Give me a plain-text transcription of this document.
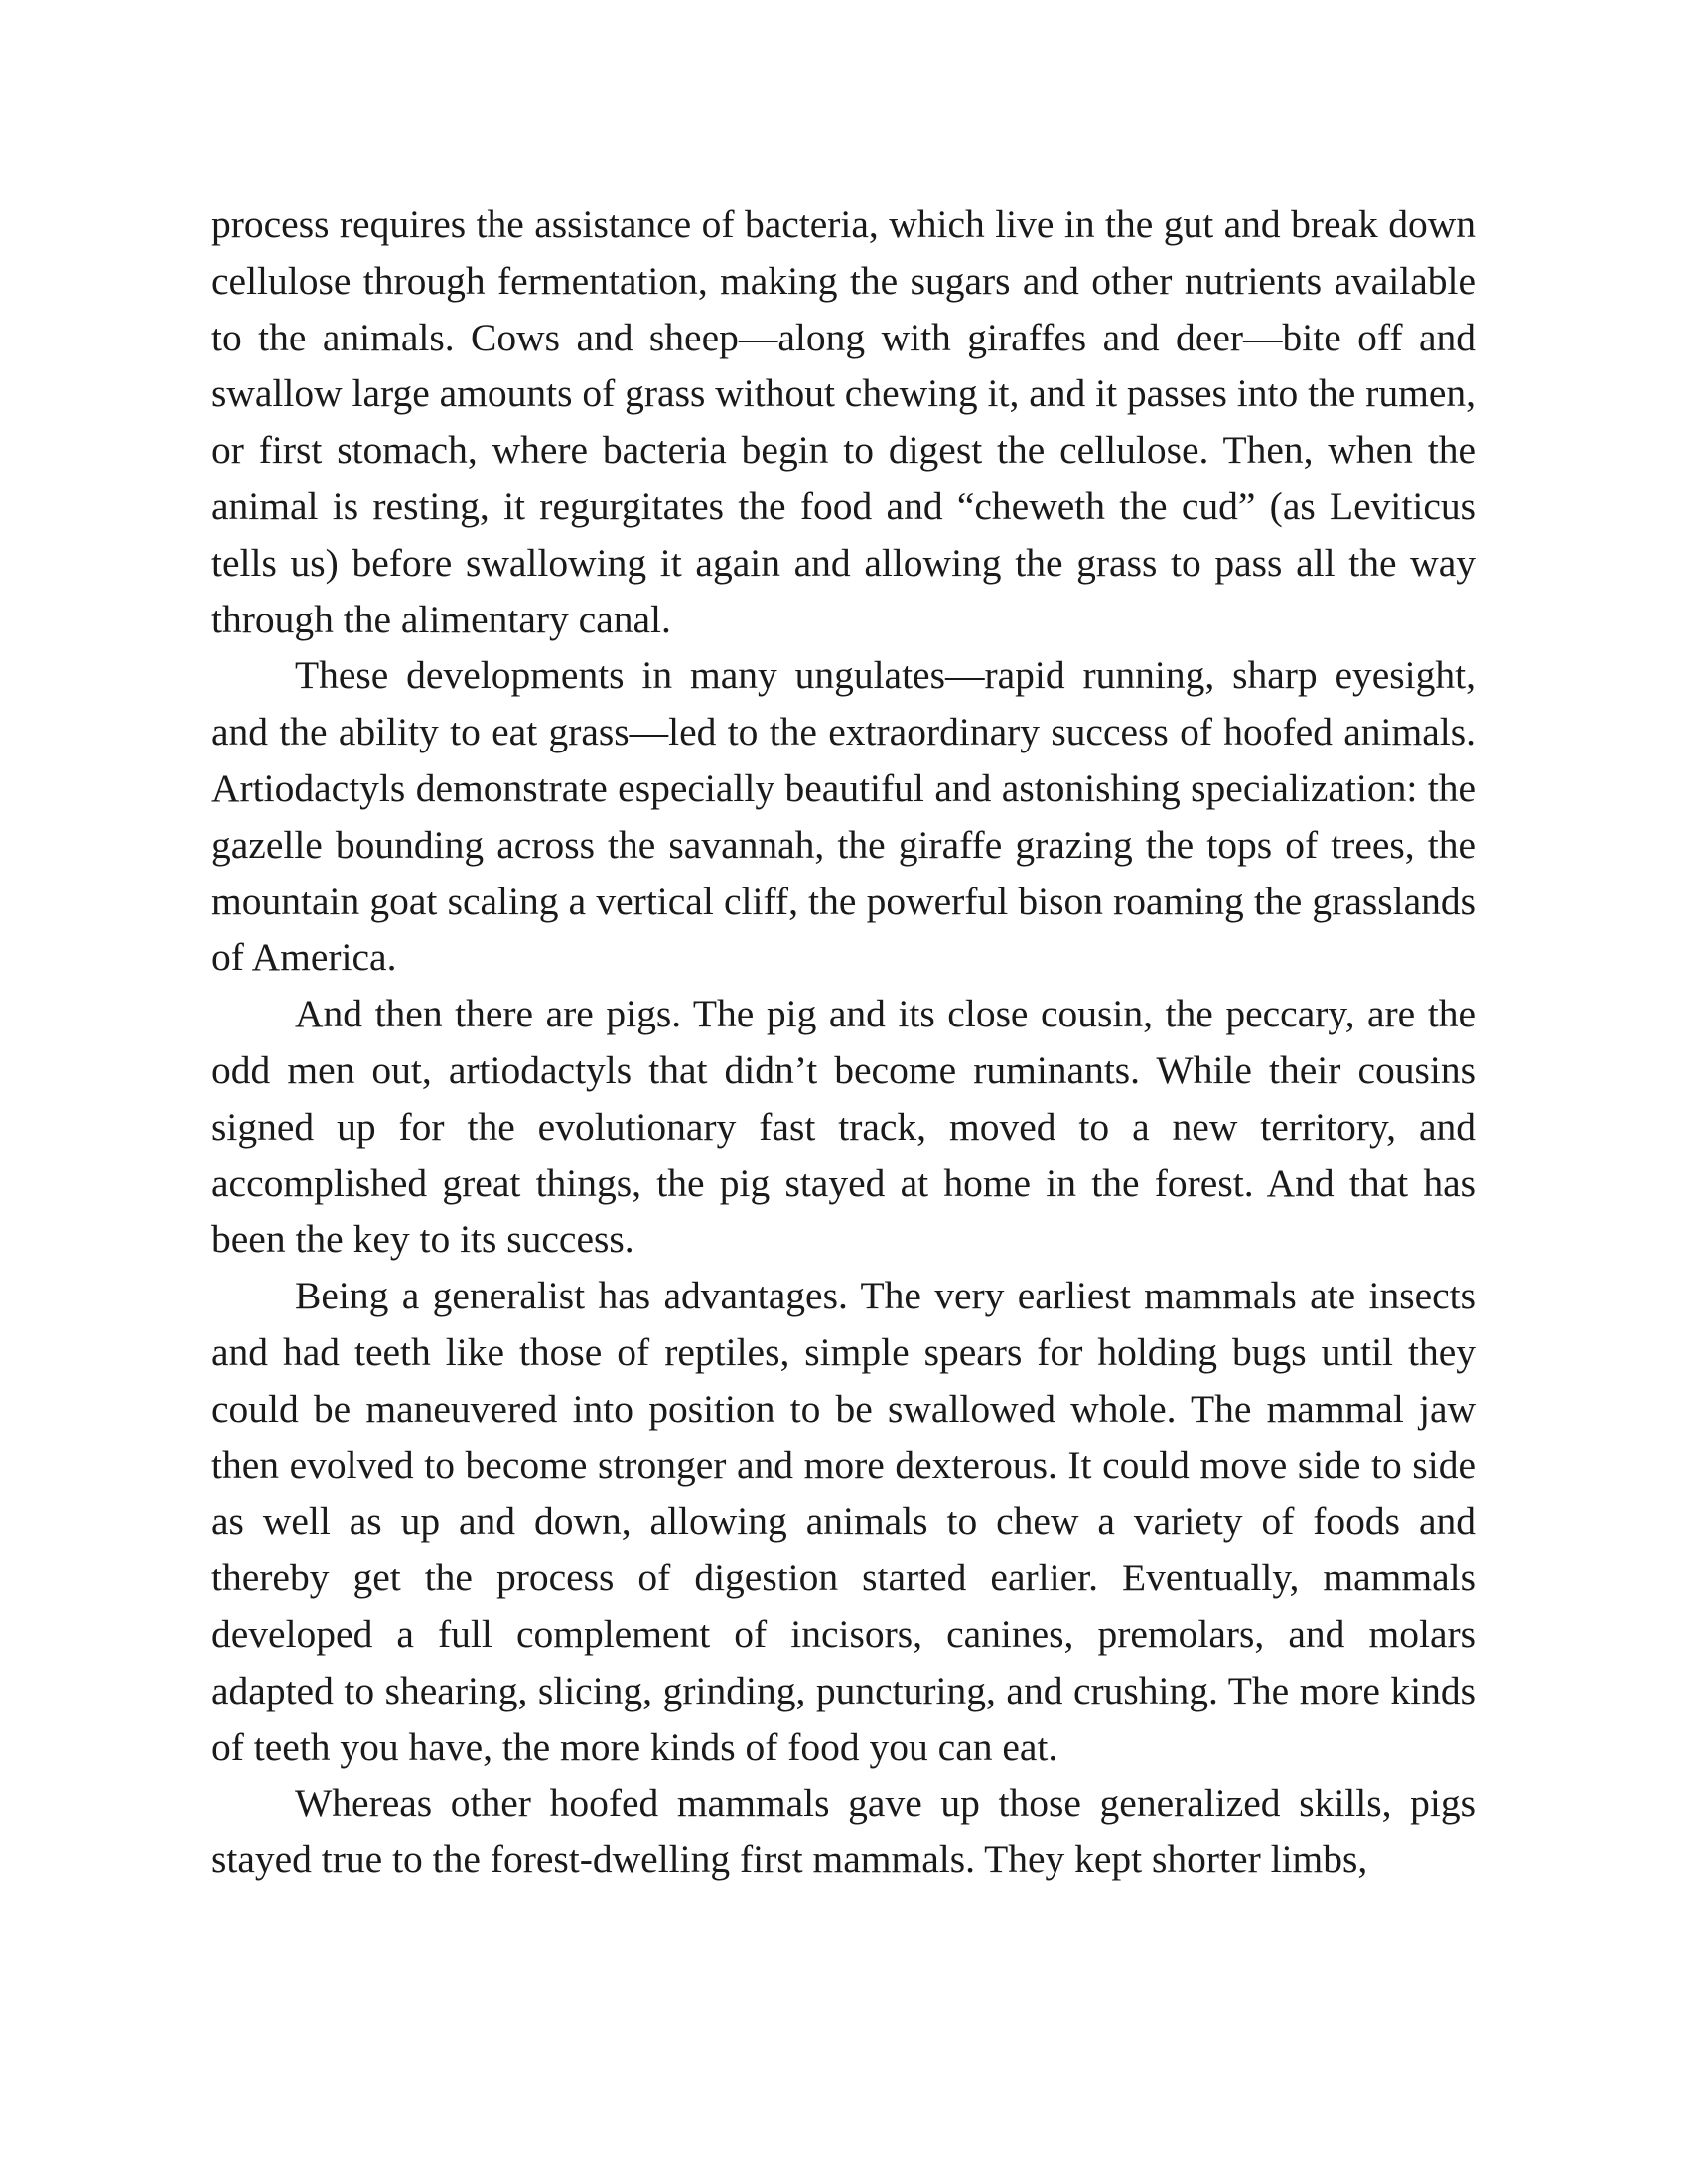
process requires the assistance of bacteria, which live in the gut and break down cellulose through fermentation, making the sugars and other nutrients available to the animals. Cows and sheep—along with giraffes and deer—bite off and swallow large amounts of grass without chewing it, and it passes into the rumen, or first stomach, where bacteria begin to digest the cellulose. Then, when the animal is resting, it regurgitates the food and “cheweth the cud” (as Leviticus tells us) before swallowing it again and allowing the grass to pass all the way through the alimentary canal.

These developments in many ungulates—rapid running, sharp eyesight, and the ability to eat grass—led to the extraordinary success of hoofed animals. Artiodactyls demonstrate especially beautiful and astonishing specialization: the gazelle bounding across the savannah, the giraffe grazing the tops of trees, the mountain goat scaling a vertical cliff, the powerful bison roaming the grasslands of America.

And then there are pigs. The pig and its close cousin, the peccary, are the odd men out, artiodactyls that didn’t become ruminants. While their cousins signed up for the evolutionary fast track, moved to a new territory, and accomplished great things, the pig stayed at home in the forest. And that has been the key to its success.

Being a generalist has advantages. The very earliest mammals ate insects and had teeth like those of reptiles, simple spears for holding bugs until they could be maneuvered into position to be swallowed whole. The mammal jaw then evolved to become stronger and more dexterous. It could move side to side as well as up and down, allowing animals to chew a variety of foods and thereby get the process of digestion started earlier. Eventually, mammals developed a full complement of incisors, canines, premolars, and molars adapted to shearing, slicing, grinding, puncturing, and crushing. The more kinds of teeth you have, the more kinds of food you can eat.

Whereas other hoofed mammals gave up those generalized skills, pigs stayed true to the forest-dwelling first mammals. They kept shorter limbs,
